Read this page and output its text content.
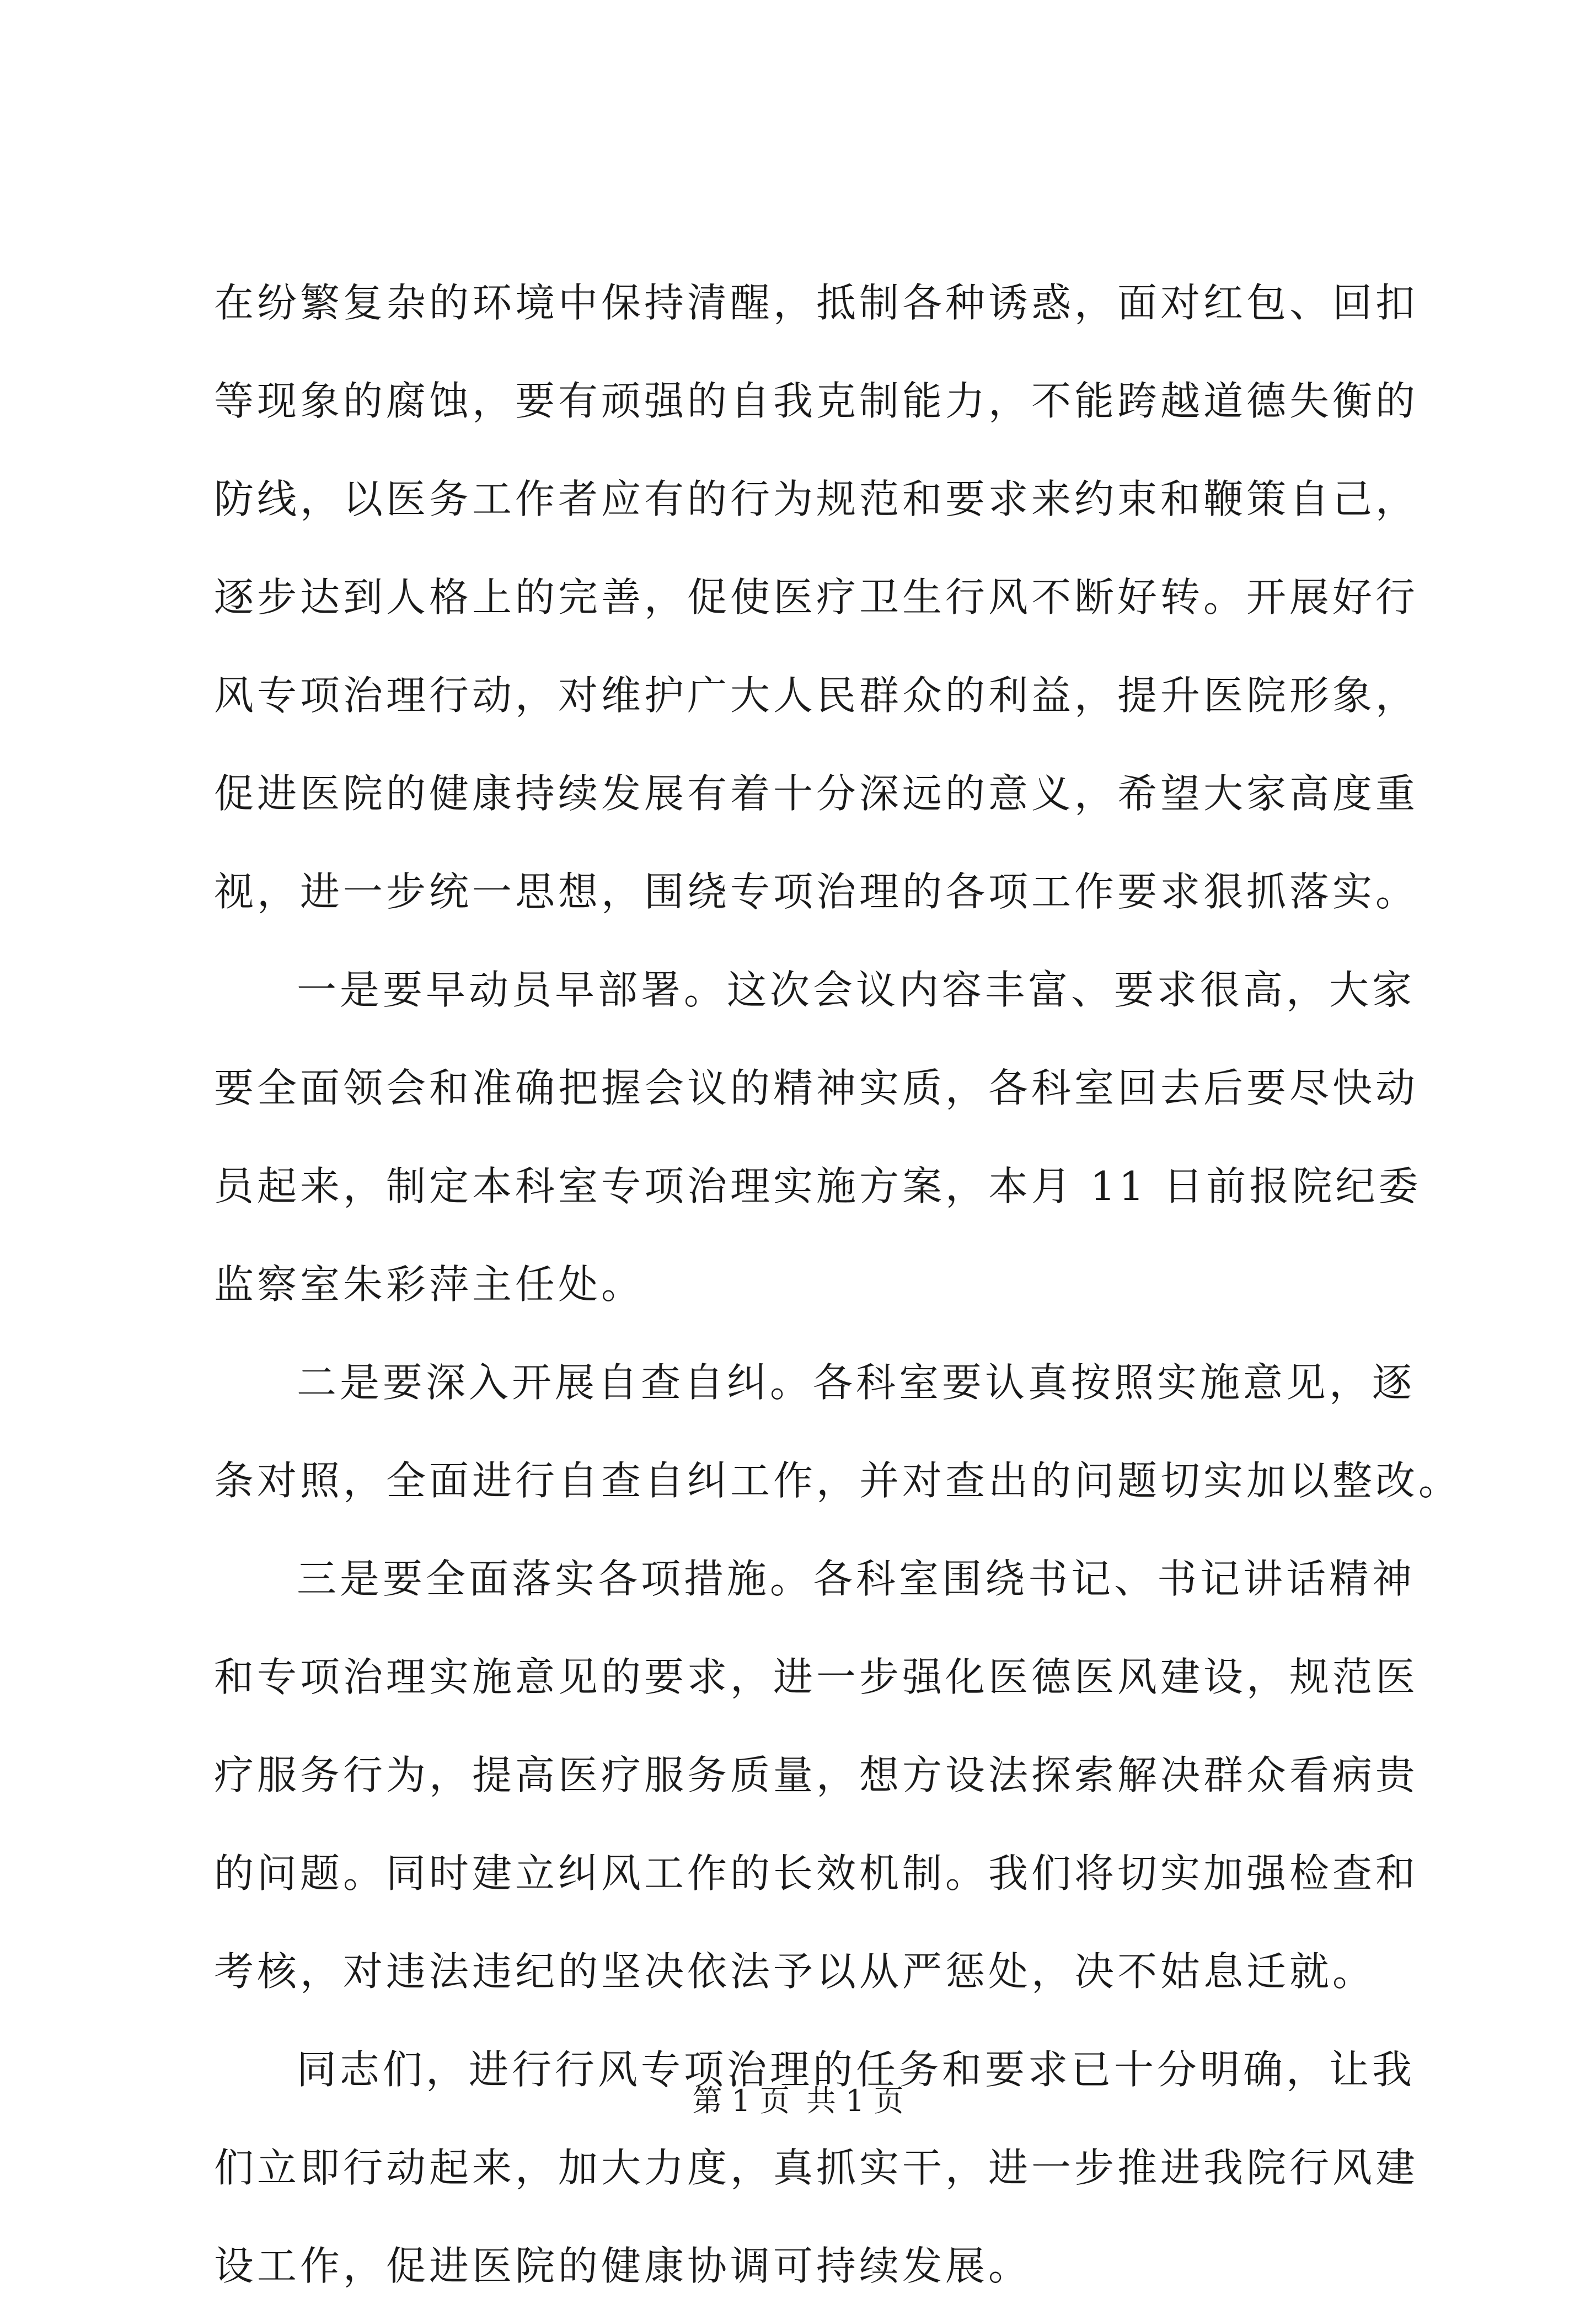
在纷繁复杂的环境中保持清醒，抵制各种诱惑，面对红包、回扣
等现象的腐蚀，要有顽强的自我克制能力，不能跨越道德失衡的
防线，以医务工作者应有的行为规范和要求来约束和鞭策自己，
逐步达到人格上的完善，促使医疗卫生行风不断好转。开展好行
风专项治理行动，对维护广大人民群众的利益，提升医院形象，
促进医院的健康持续发展有着十分深远的意义，希望大家高度重
视，进一步统一思想，围绕专项治理的各项工作要求狠抓落实。
一是要早动员早部署。这次会议内容丰富、要求很高，大家
要全面领会和准确把握会议的精神实质，各科室回去后要尽快动
员起来，制定本科室专项治理实施方案，本月 11 日前报院纪委
监察室朱彩萍主任处。
二是要深入开展自查自纠。各科室要认真按照实施意见，逐
条对照，全面进行自查自纠工作，并对查出的问题切实加以整改。
三是要全面落实各项措施。各科室围绕书记、书记讲话精神
和专项治理实施意见的要求，进一步强化医德医风建设，规范医
疗服务行为，提高医疗服务质量，想方设法探索解决群众看病贵
的问题。同时建立纠风工作的长效机制。我们将切实加强检查和
考核，对违法违纪的坚决依法予以从严惩处，决不姑息迁就。
同志们，进行行风专项治理的任务和要求已十分明确，让我
们立即行动起来，加大力度，真抓实干，进一步推进我院行风建
设工作，促进医院的健康协调可持续发展。
第 1 页 共 1 页
